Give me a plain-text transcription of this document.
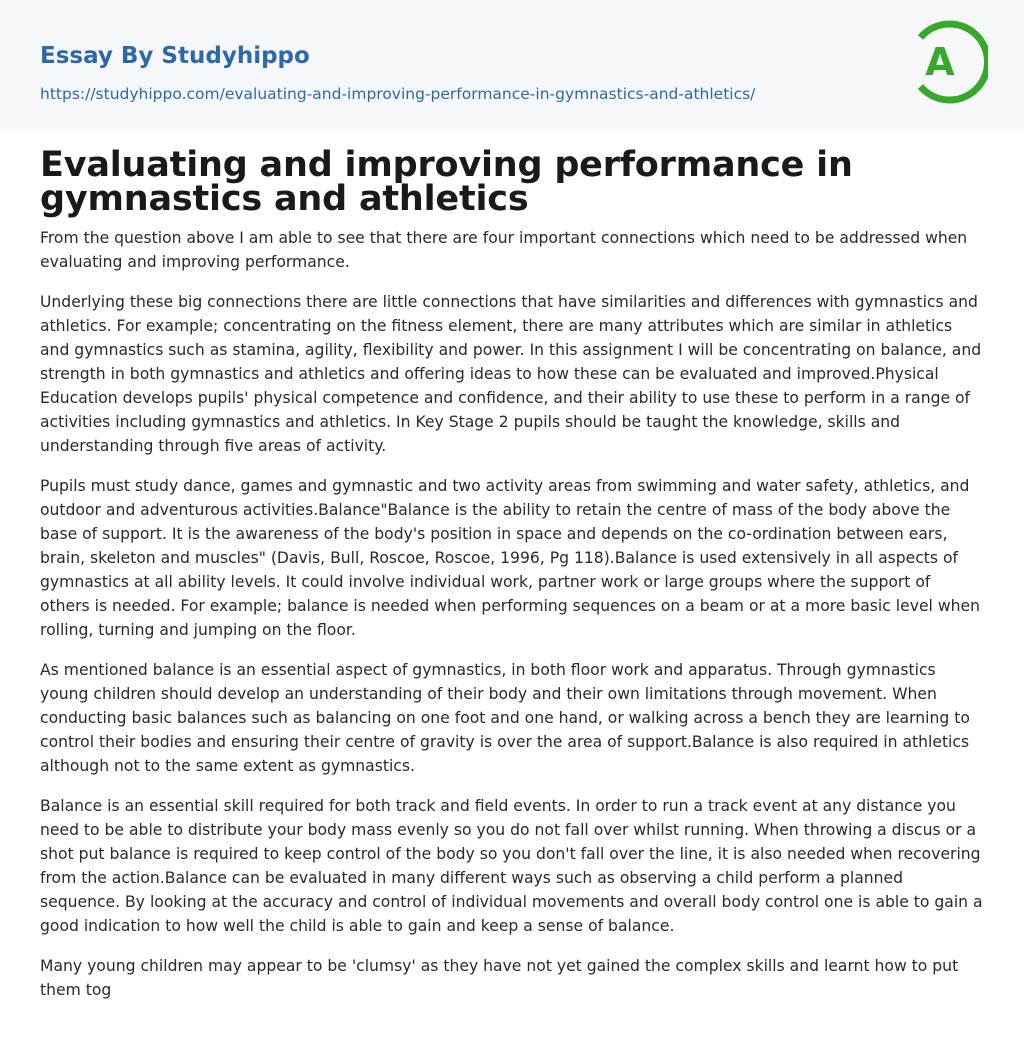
Essay By Studyhippo
https://studyhippo.com/evaluating-and-improving-performance-in-gymnastics-and-athletics/
A
Evaluating and improving performance in gymnastics and athletics

From the question above I am able to see that there are four important connections which need to be addressed when evaluating and improving performance.

Underlying these big connections there are little connections that have similarities and differences with gymnastics and athletics. For example; concentrating on the fitness element, there are many attributes which are similar in athletics and gymnastics such as stamina, agility, flexibility and power. In this assignment I will be concentrating on balance, and strength in both gymnastics and athletics and offering ideas to how these can be evaluated and improved.Physical Education develops pupils' physical competence and confidence, and their ability to use these to perform in a range of activities including gymnastics and athletics. In Key Stage 2 pupils should be taught the knowledge, skills and understanding through five areas of activity.

Pupils must study dance, games and gymnastic and two activity areas from swimming and water safety, athletics, and outdoor and adventurous activities.Balance"Balance is the ability to retain the centre of mass of the body above the base of support. It is the awareness of the body's position in space and depends on the co-ordination between ears, brain, skeleton and muscles" (Davis, Bull, Roscoe, Roscoe, 1996, Pg 118).Balance is used extensively in all aspects of gymnastics at all ability levels. It could involve individual work, partner work or large groups where the support of others is needed. For example; balance is needed when performing sequences on a beam or at a more basic level when rolling, turning and jumping on the floor.

As mentioned balance is an essential aspect of gymnastics, in both floor work and apparatus. Through gymnastics young children should develop an understanding of their body and their own limitations through movement. When conducting basic balances such as balancing on one foot and one hand, or walking across a bench they are learning to control their bodies and ensuring their centre of gravity is over the area of support.Balance is also required in athletics although not to the same extent as gymnastics.

Balance is an essential skill required for both track and field events. In order to run a track event at any distance you need to be able to distribute your body mass evenly so you do not fall over whilst running. When throwing a discus or a shot put balance is required to keep control of the body so you don't fall over the line, it is also needed when recovering from the action.Balance can be evaluated in many different ways such as observing a child perform a planned sequence. By looking at the accuracy and control of individual movements and overall body control one is able to gain a good indication to how well the child is able to gain and keep a sense of balance.

Many young children may appear to be 'clumsy' as they have not yet gained the complex skills and learnt how to put them tog
